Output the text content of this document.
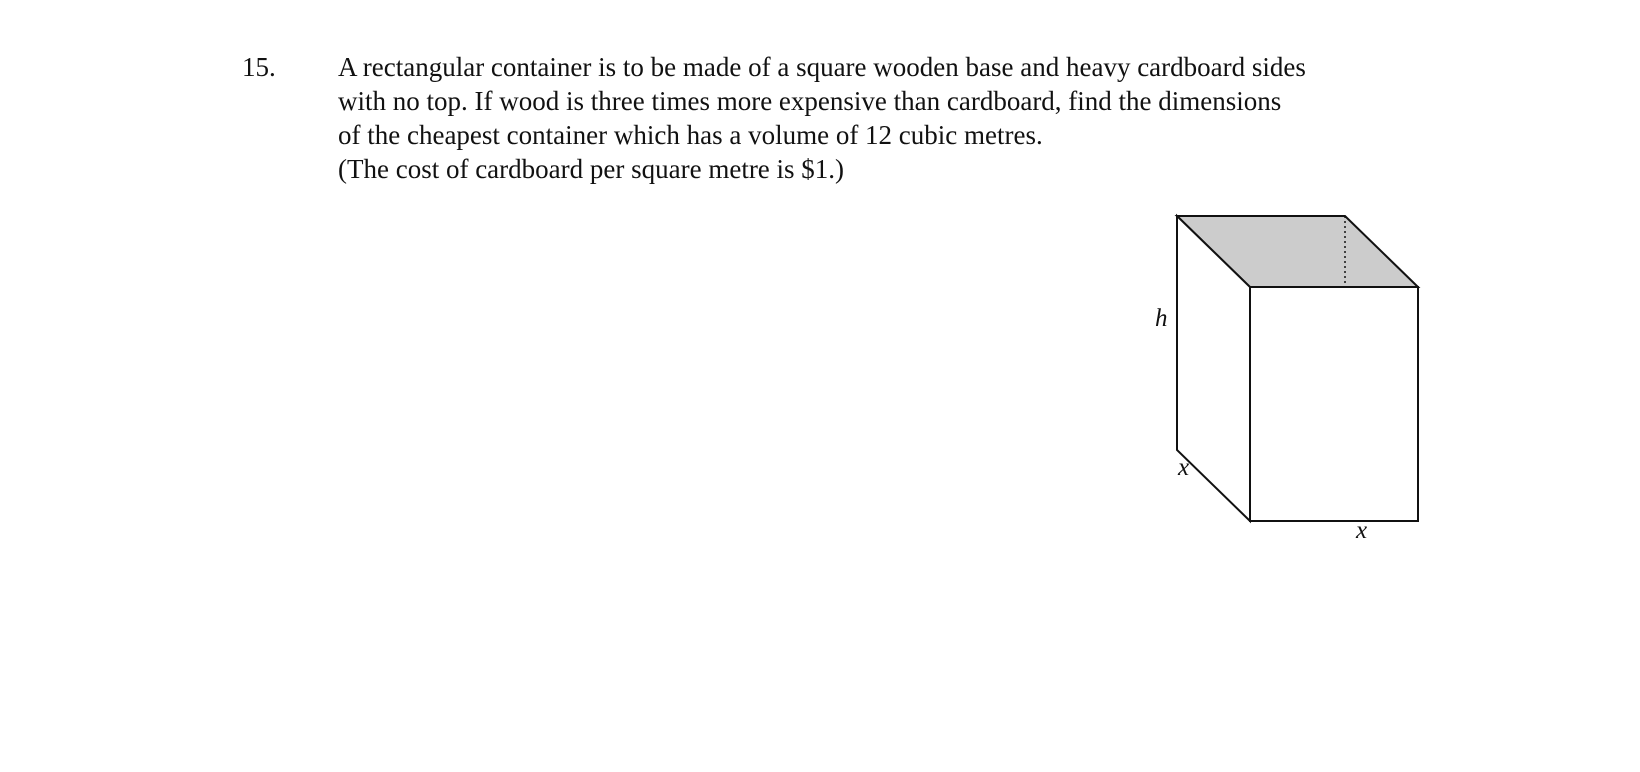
15. A rectangular container is to be made of a square wooden base and heavy cardboard sides
with no top. If wood is three times more expensive than cardboard, find the dimensions
of the cheapest container which has a volume of 12 cubic metres.
(The cost of cardboard per square metre is $1.)
h
x
x
